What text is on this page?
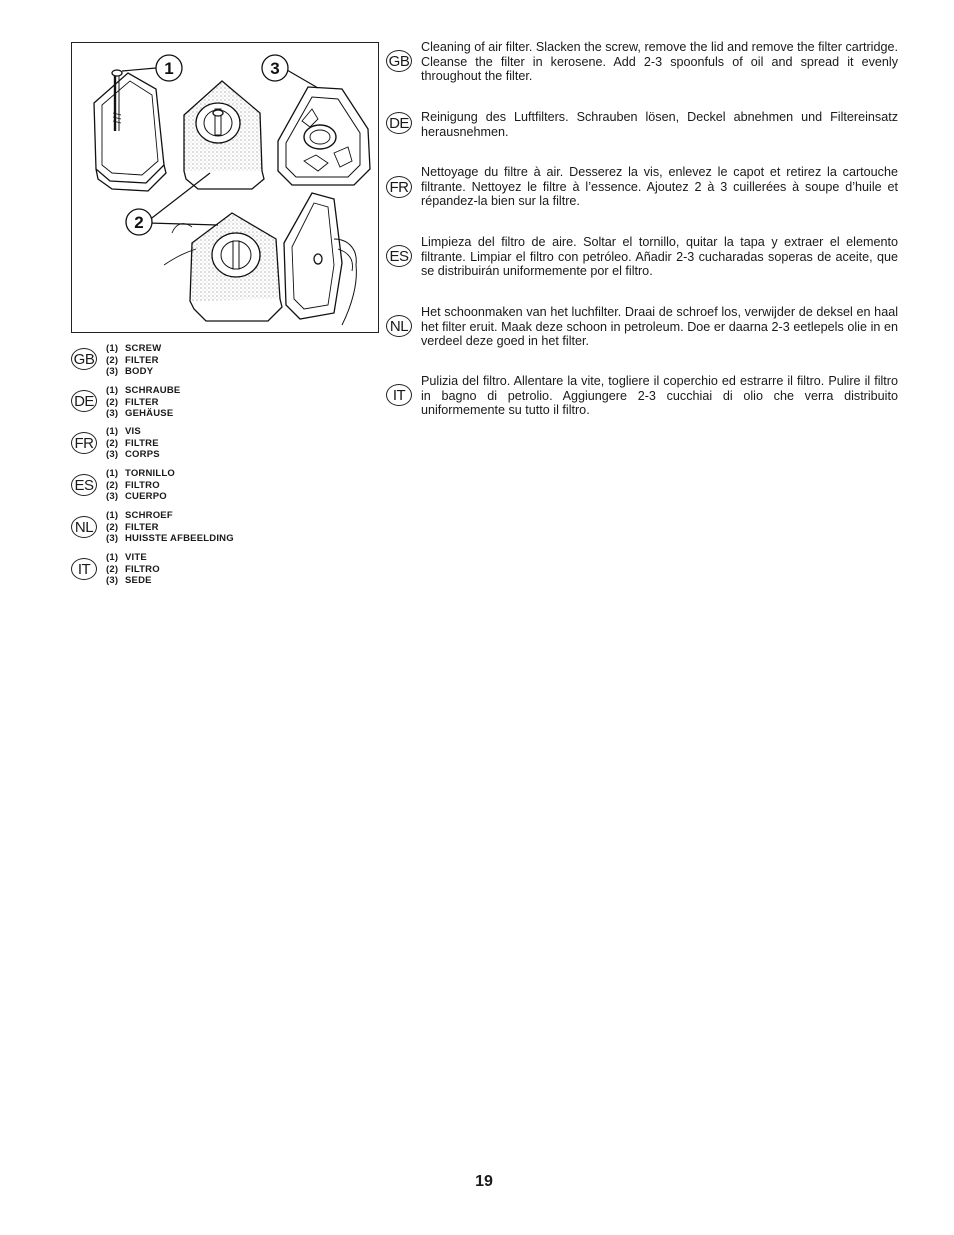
1	3
2
GB
(1) SCREW
(2) FILTER
(3) BODY
DE
(1) SCHRAUBE
(2) FILTER
(3) GEHÄUSE
FR
(1) VIS
(2) FILTRE
(3) CORPS
ES
(1) TORNILLO
(2) FILTRO
(3) CUERPO
NL
(1) SCHROEF
(2) FILTER
(3) HUISSTE AFBEELDING
IT
(1) VITE
(2) FILTRO
(3) SEDE
GB
Cleaning of air filter. Slacken the screw, remove the lid and remove the filter cartridge. Cleanse the filter in kerosene. Add 2-3 spoonfuls of oil and spread it evenly throughout the filter.
DE Reinigung des Luftfilters. Schrauben lösen, Deckel abnehmen und Filtereinsatz herausnehmen.
FR
Nettoyage du filtre à air. Desserez la vis, enlevez le capot et retirez la cartouche filtrante. Nettoyez le filtre à l’essence. Ajoutez 2 à 3 cuillerées à soupe d’huile et répandez-la bien sur la filtre.
ES
Limpieza del filtro de aire. Soltar el tornillo, quitar la tapa y extraer el elemento filtrante. Limpiar el filtro con petróleo. Añadir 2-3 cucharadas soperas de aceite, que se distribuirán uniformemente por el filtro.
NL
Het schoonmaken van het luchfilter. Draai de schroef los, verwijder de deksel en haal het filter eruit. Maak deze schoon in petroleum. Doe er daarna 2-3 eetlepels olie in en verdeel deze goed in het filter.
IT
Pulizia del filtro. Allentare la vite, togliere il coperchio ed estrarre il filtro. Pulire il filtro in bagno di petrolio. Aggiungere 2-3 cucchiai di olio che verra distribuito uniformemente su tutto il filtro.
19
